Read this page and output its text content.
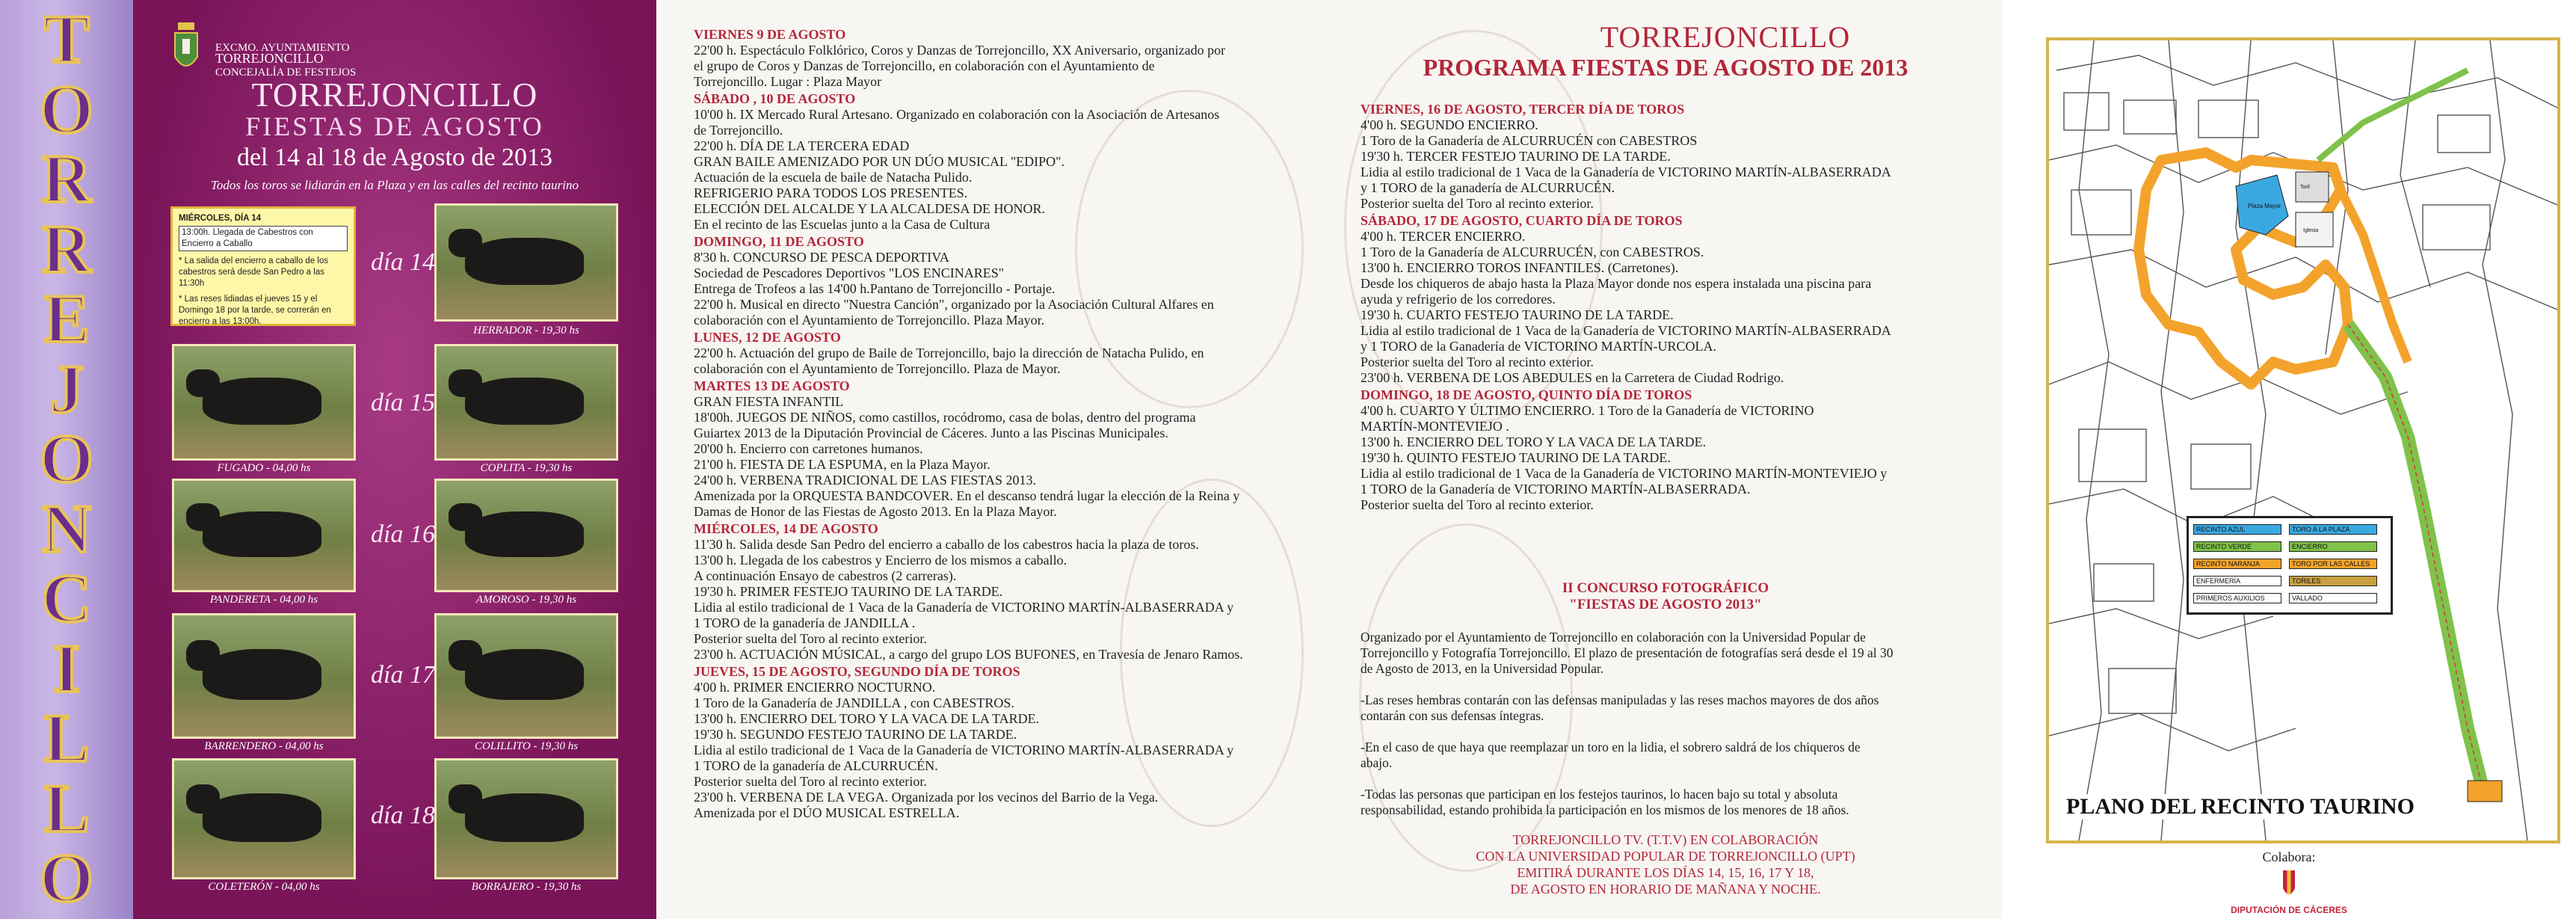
T
O
R
R
E
J
O
N
C
I
L
L
O
EXCMO. AYUNTAMIENTO
TORREJONCILLO
CONCEJALÍA DE FESTEJOS
TORREJONCILLO
FIESTAS DE AGOSTO
del 14 al 18 de Agosto de 2013
Todos los toros se lidiarán en la Plaza y en las calles del recinto taurino
MIÉRCOLES, DÍA 14
13:00h. Llegada de Cabestros con Encierro a Caballo
* La salida del encierro a caballo de los cabestros será desde San Pedro a las 11:30h
* Las reses lidiadas el jueves 15 y el Domingo 18 por la tarde, se correrán en encierro a las 13:00h.
día 14
día 15
día 16
día 17
día 18
HERRADOR - 19,30 hs
FUGADO - 04,00 hs	COPLITA - 19,30 hs
PANDERETA - 04,00 hs	AMOROSO - 19,30 hs
BARRENDERO - 04,00 hs	COLILLITO - 19,30 hs
COLETERÓN - 04,00 hs	BORRAJERO - 19,30 hs
VIERNES 9 DE AGOSTO
22'00 h. Espectáculo Folklórico, Coros y Danzas de Torrejoncillo, XX Aniversario, organizado por
el grupo de Coros y Danzas de Torrejoncillo, en colaboración con el Ayuntamiento de
Torrejoncillo. Lugar : Plaza Mayor
SÁBADO , 10 DE AGOSTO
10'00 h. IX Mercado Rural Artesano. Organizado en colaboración con la Asociación de Artesanos
de Torrejoncillo.
22'00 h. DÍA DE LA TERCERA EDAD
GRAN BAILE AMENIZADO POR UN DÚO MUSICAL "EDIPO".
Actuación de la escuela de baile de Natacha Pulido.
REFRIGERIO PARA TODOS LOS PRESENTES.
ELECCIÓN DEL ALCALDE Y LA ALCALDESA DE HONOR.
En el recinto de las Escuelas junto a la Casa de Cultura
DOMINGO, 11 DE AGOSTO
8'30 h. CONCURSO DE PESCA DEPORTIVA
Sociedad de Pescadores Deportivos "LOS ENCINARES"
Entrega de Trofeos a las 14'00 h.Pantano de Torrejoncillo - Portaje.
22'00 h. Musical en directo "Nuestra Canción", organizado por la Asociación Cultural Alfares en
colaboración con el Ayuntamiento de Torrejoncillo. Plaza Mayor.
LUNES, 12 DE AGOSTO
22'00 h. Actuación del grupo de Baile de Torrejoncillo, bajo la dirección de Natacha Pulido, en
colaboración con el Ayuntamiento de Torrejoncillo. Plaza de Mayor.
MARTES 13 DE AGOSTO
GRAN FIESTA INFANTIL
18'00h. JUEGOS DE NIÑOS, como castillos, rocódromo, casa de bolas, dentro del programa
Guiartex 2013 de la Diputación Provincial de Cáceres. Junto a las Piscinas Municipales.
20'00 h. Encierro con carretones humanos.
21'00 h. FIESTA DE LA ESPUMA, en la Plaza Mayor.
24'00 h. VERBENA TRADICIONAL DE LAS FIESTAS 2013.
Amenizada por la ORQUESTA BANDCOVER. En el descanso tendrá lugar la elección de la Reina y
Damas de Honor de las Fiestas de Agosto 2013. En la Plaza Mayor.
MIÉRCOLES, 14 DE AGOSTO
11'30 h. Salida desde San Pedro del encierro a caballo de los cabestros hacia la plaza de toros.
13'00 h. Llegada de los cabestros y Encierro de los mismos a caballo.
A continuación Ensayo de cabestros (2 carreras).
19'30 h. PRIMER FESTEJO TAURINO DE LA TARDE.
Lidia al estilo tradicional de 1 Vaca de la Ganadería de VICTORINO MARTÍN-ALBASERRADA y
1 TORO de la ganadería de JANDILLA .
Posterior suelta del Toro al recinto exterior.
23'00 h. ACTUACIÓN MÚSICAL, a cargo del grupo LOS BUFONES, en Travesía de Jenaro Ramos.
JUEVES, 15 DE AGOSTO, SEGUNDO DÍA DE TOROS
4'00 h. PRIMER ENCIERRO NOCTURNO.
1 Toro de la Ganadería de JANDILLA , con CABESTROS.
13'00 h. ENCIERRO DEL TORO Y LA VACA DE LA TARDE.
19'30 h. SEGUNDO FESTEJO TAURINO DE LA TARDE.
Lidia al estilo tradicional de 1 Vaca de la Ganadería de VICTORINO MARTÍN-ALBASERRADA y
1 TORO de la ganadería de ALCURRUCÉN.
Posterior suelta del Toro al recinto exterior.
23'00 h. VERBENA DE LA VEGA. Organizada por los vecinos del Barrio de la Vega.
Amenizada por el DÚO MUSICAL ESTRELLA.
TORREJONCILLO
PROGRAMA FIESTAS DE AGOSTO DE 2013
VIERNES, 16 DE AGOSTO, TERCER DÍA DE TOROS
4'00 h. SEGUNDO ENCIERRO.
1 Toro de la Ganadería de ALCURRUCÉN con CABESTROS
19'30 h. TERCER FESTEJO TAURINO DE LA TARDE.
Lidia al estilo tradicional de 1 Vaca de la Ganadería de VICTORINO MARTÍN-ALBASERRADA
y 1 TORO de la ganadería de ALCURRUCÉN.
Posterior suelta del Toro al recinto exterior.
SÁBADO, 17 DE AGOSTO, CUARTO DÍA DE TOROS
4'00 h. TERCER ENCIERRO.
1 Toro de la Ganadería de ALCURRUCÉN, con CABESTROS.
13'00 h. ENCIERRO TOROS INFANTILES. (Carretones).
Desde los chiqueros de abajo hasta la Plaza Mayor donde nos espera instalada una piscina para
ayuda y refrigerio de los corredores.
19'30 h. CUARTO FESTEJO TAURINO DE LA TARDE.
Lidia al estilo tradicional de 1 Vaca de la Ganadería de VICTORINO MARTÍN-ALBASERRADA
y 1 TORO de la Ganadería de VICTORINO MARTÍN-URCOLA.
Posterior suelta del Toro al recinto exterior.
23'00 h. VERBENA DE LOS ABEDULES en la Carretera de Ciudad Rodrigo.
DOMINGO, 18 DE AGOSTO, QUINTO DÍA DE TOROS
4'00 h. CUARTO Y ÚLTIMO ENCIERRO. 1 Toro de la Ganadería de VICTORINO
MARTÍN-MONTEVIEJO .
13'00 h. ENCIERRO DEL TORO Y LA VACA DE LA TARDE.
19'30 h. QUINTO FESTEJO TAURINO DE LA TARDE.
Lidia al estilo tradicional de 1 Vaca de la Ganadería de VICTORINO MARTÍN-MONTEVIEJO y
1 TORO de la Ganadería de VICTORINO MARTÍN-ALBASERRADA.
Posterior suelta del Toro al recinto exterior.
II CONCURSO FOTOGRÁFICO
"FIESTAS DE AGOSTO 2013"
Organizado por el Ayuntamiento de Torrejoncillo en colaboración con la Universidad Popular de
Torrejoncillo y Fotografía Torrejoncillo. El plazo de presentación de fotografías será desde el 19 al 30
de Agosto de 2013, en la Universidad Popular.
-Las reses hembras contarán con las defensas manipuladas y las reses machos mayores de dos años
contarán con sus defensas íntegras.
-En el caso de que haya que reemplazar un toro en la lidia, el sobrero saldrá de los chiqueros de
abajo.
-Todas las personas que participan en los festejos taurinos, lo hacen bajo su total y absoluta
responsabilidad, estando prohibida la participación en los mismos de los menores de 18 años.
TORREJONCILLO TV. (T.T.V) EN COLABORACIÓN
CON LA UNIVERSIDAD POPULAR DE TORREJONCILLO (UPT)
EMITIRÁ DURANTE LOS DÍAS 14, 15, 16, 17 Y 18,
DE AGOSTO EN HORARIO DE MAÑANA Y NOCHE.
Plaza Mayor
Toril
Iglesia
RECINTO AZUL	TORO A LA PLAZA
RECINTO VERDE	ENCIERRO
RECINTO NARANJA	TORO POR LAS CALLES
ENFERMERÍA	TORILES
PRIMEROS AUXILIOS	VALLADO
PLANO DEL RECINTO TAURINO
Colabora:
DIPUTACIÓN DE CÁCERES
